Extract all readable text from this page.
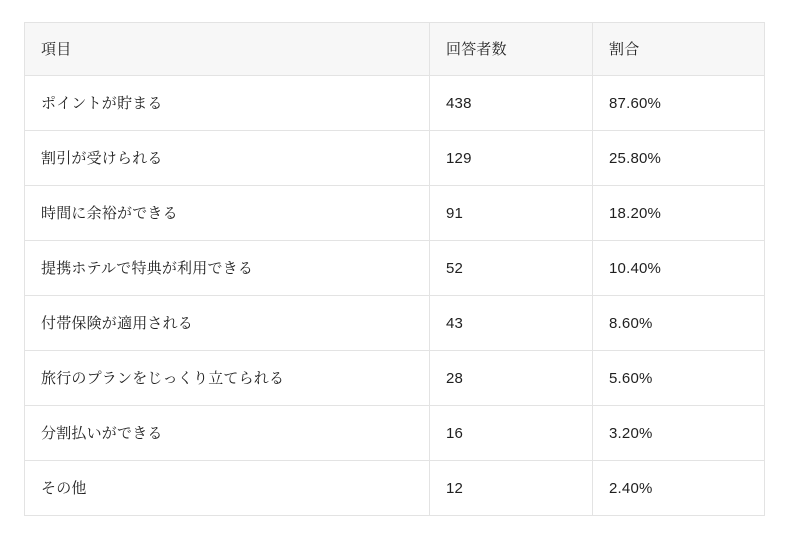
項目	回答者数	割合
ポイントが貯まる	438	87.60%
割引が受けられる	129	25.80%
時間に余裕ができる	91	18.20%
提携ホテルで特典が利用できる	52	10.40%
付帯保険が適用される	43	8.60%
旅行のプランをじっくり立てられる	28	5.60%
分割払いができる	16	3.20%
その他	12	2.40%
